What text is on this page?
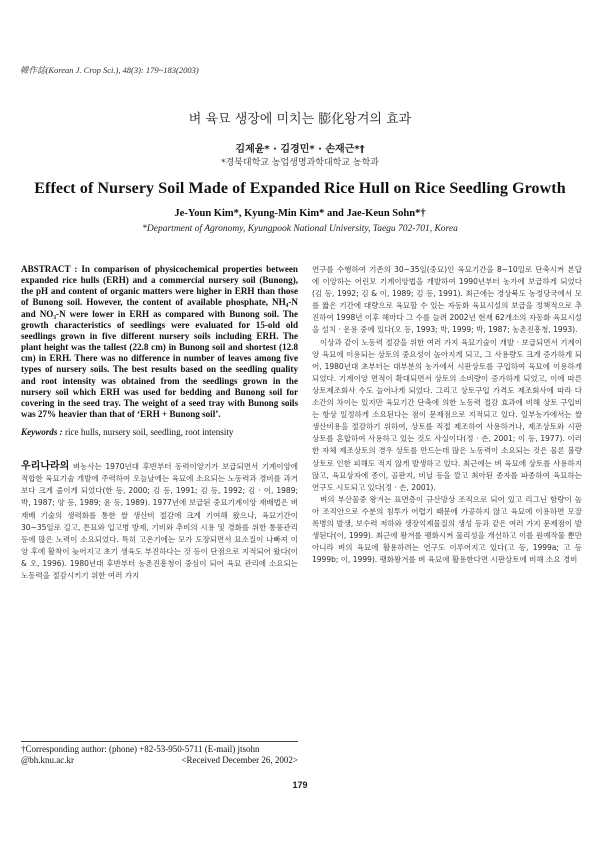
韓作誌(Korean J. Crop Sci.), 48(3): 179~183(2003)
벼 육묘 생장에 미치는 膨化왕겨의 효과
김제윤* · 김경민* · 손재근*†
*경북대학교 농업생명과학대학교 농학과
Effect of Nursery Soil Made of Expanded Rice Hull on Rice Seedling Growth
Je-Youn Kim*, Kyung-Min Kim* and Jae-Keun Sohn*†
*Department of Agronomy, Kyungpook National University, Taegu 702-701, Korea

ABSTRACT : In comparison of physicochemical properties between expanded rice hulls (ERH) and a commercial nursery soil (Bunong), the pH and content of organic matters were higher in ERH than those of Bunong soil. However, the content of available phosphate, NH₄-N and NO₃-N were lower in ERH as compared with Bunong soil. The growth characteristics of seedlings were evaluated for 15-old old seedlings grown in five different nursery soils including ERH. The plant height was the tallest (22.8 cm) in Bunong soil and shortest (12.8 cm) in ERH. There was no difference in number of leaves among five types of nursery soils. The best results based on the seedling quality and root intensity was obtained from the seedlings grown in the nursery soil which ERH was used for bedding and Bunong soil for covering in the seed tray. The weight of a seed tray with Bunong soils was 27% heavier than that of ‘ERH + Bunong soil’.

Keywords : rice hulls, nursery soil, seedling, root intensity
우리나라의 벼농사는 1970년대 후반부터 동력이앙기가 보급되면서 기계이앙에 적합한 육묘기술 개발에 주력하여 오늘날에는 육묘에 소요되는 노동력과 경비를 과거보다 크게 줄이게 되었다(한 등, 2000; 김 등, 1991; 김 등, 1992; 김 · 이, 1989; 박, 1987; 양 등, 1989; 윤 등, 1989). 1977년에 보급된 중묘기계이앙 재배법은 벼재배 기술의 생력화를 통한 쌀 생산비 절감에 크게 기여해 왔으나, 육묘기간이 30~35일로 길고, 튼묘와 입고병 방제, 기비와 추비의 시용 및 경화를 위한 통풍관리 등에 많은 노력이 소요되었다. 특히 고온기에는 모가 도장되면서 묘소질이 나빠져 이앙 후에 활착이 늦어지고 초기 생육도 부진하다는 것 등이 단점으로 지적되어 왔다(이 & 오, 1996). 1980년대 후반부터 농촌진흥청이 중심이 되어 육묘 관리에 소요되는 노동력을 절감시키기 위한 여러 가지

연구를 수행하여 기존의 30~35일(중묘)인 육묘기간을 8~10일로 단축시켜 본답에 이앙하는 어린모 기계이앙법을 개발하여 1990년부터 농가에 보급하게 되었다(김 등, 1992; 김 & 이, 1989; 김 등, 1991). 최근에는 경상북도 농정당국에서 모를 짧은 기간에 대량으로 육묘할 수 있는 자동화 육묘시설의 보급을 정책적으로 추진하여 1998년 이후 해마다 그 수를 늘려 2002년 현재 62개소의 자동화 육묘시설을 설치 · 운용 중에 있다(오 등, 1993; 박, 1999; 박, 1987; 농촌진흥청, 1993).

이상과 같이 노동력 절감을 위한 여러 가지 육묘기술이 개발 · 보급되면서 기계이앙 육묘에 이용되는 상토의 중요성이 높아지게 되고, 그 사용량도 크게 증가하게 되어, 1980년대 초부터는 대부분의 농가에서 시판상토를 구입하여 육묘에 이용하게 되었다. 기계이앙 면적이 확대되면서 상토의 소비량이 증가하게 되었고, 이에 따른 상토제조회사 수도 늘어나게 되었다. 그리고 상토구입 가격도 제조회사에 따라 다소간의 차이는 있지만 육묘기간 단축에 의한 노동력 절감 효과에 비해 상토 구입비는 항상 일정하게 소요된다는 점이 문제점으로 지적되고 있다. 일부농가에서는 쌀 생산비용을 절감하기 위하여, 상토를 직접 제조하여 사용하거나, 제조상토와 시판 상토를 혼합하여 사용하고 있는 것도 사실이다(정 · 손, 2001; 이 등, 1977). 이러한 자체 제조상토의 경우 상토를 만드는데 많은 노동력이 소요되는 것은 물론 불량상토로 인한 피해도 적지 않게 발생하고 있다. 최근에는 벼 육묘에 상토를 사용하지 않고, 육묘상자에 종이, 골판지, 비닐 등을 깔고 최아된 종자를 파종하여 육묘하는 연구도 시도되고 있다(정 · 손, 2001).

벼의 부산물중 왕겨는 표면층이 규산망상 조직으로 되어 있고 리그닌 함량이 높아 조직안으로 수분의 침투가 어렵기 때문에 가공하지 않고 육묘에 이용하면 모잘록병의 발생, 보수력 저하와 생장억제물질의 생성 등과 같은 여러 가지 문제점이 발생된다(이, 1999). 최근에 왕겨를 팽화시켜 물리성을 개선하고 이를 원예작물 뿐만 아니라 벼의 육묘에 활용하려는 연구도 이루어지고 있다(고 등, 1999a; 고 등 1999b; 이, 1999). 팽화왕겨를 벼 육묘에 활용한다면 시판상토에 비해 소요 경비

†Corresponding author: (phone) +82-53-950-5711 (E-mail) jtsohn
@bh.knu.ac.kr	<Received December 26, 2002>
179
